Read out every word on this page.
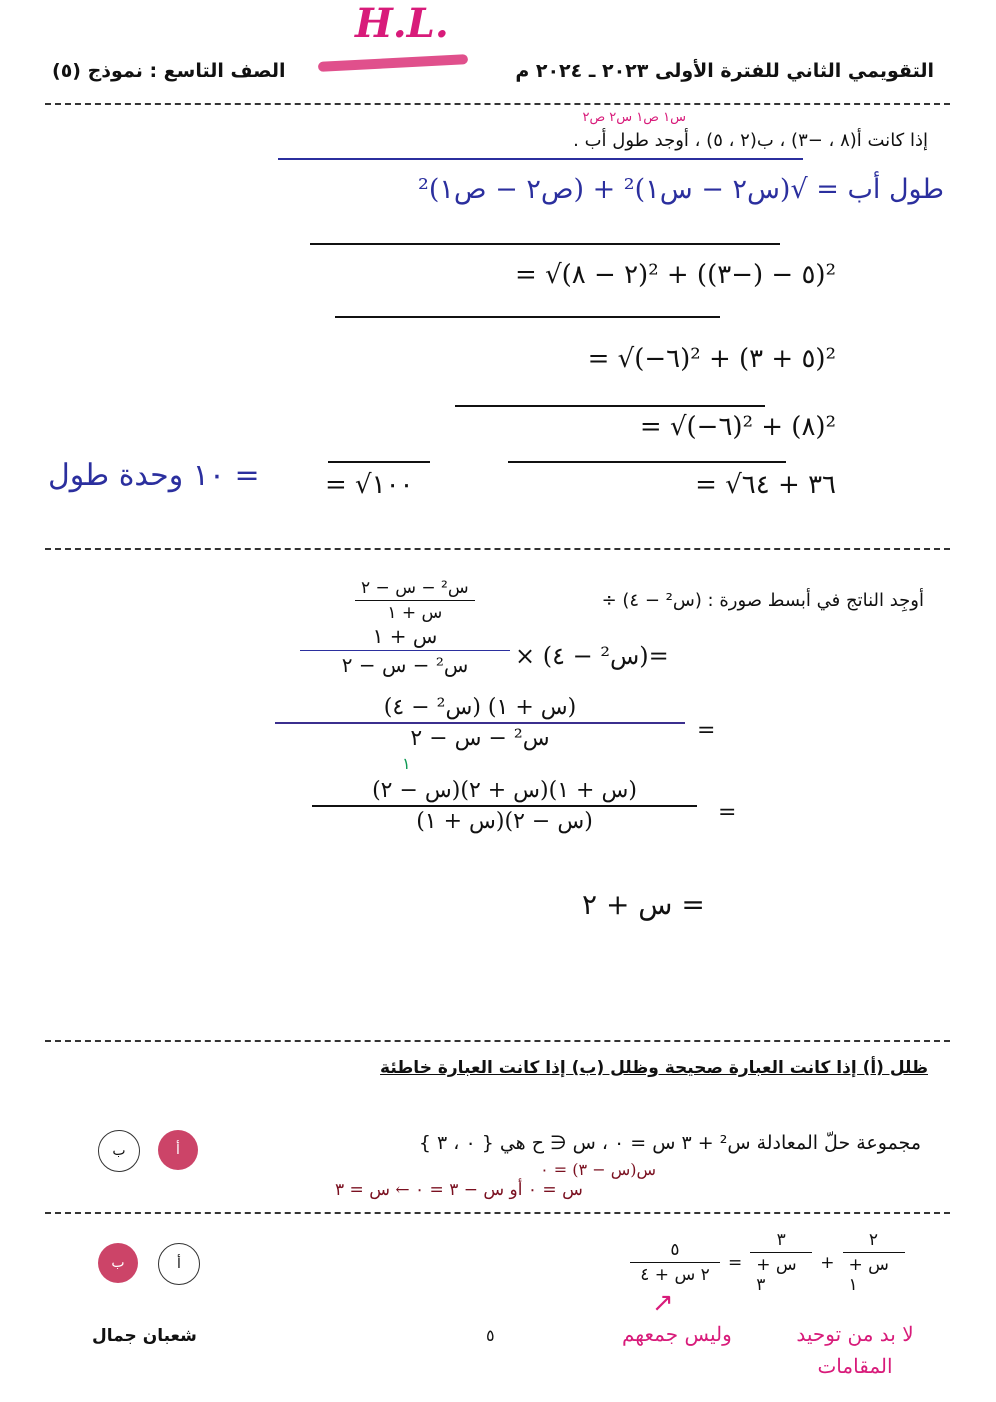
H.L.
التقويمي الثاني للفترة الأولى ٢٠٢٣ ـ ٢٠٢٤ م
الصف التاسع : نموذج (٥)
س١ ص١ س٢ ص٢
إذا كانت أ(٨ ، −٣) ، ب(٢ ، ٥) ، أوجد طول أب .
طول أب = √(س٢ − س١)² + (ص٢ − ص١)²
= √(٢ − ٨)² + (٥ − (−٣))²
= √(−٦)² + (٥ + ٣)²
= √(−٦)² + (٨)²
= √٣٦ + ٦٤
= √١٠٠
= ١٠ وحدة طول
أوجِد الناتج في أبسط صورة : (س² − ٤) ÷
$\frac{\text{س² − س − ٢}}{\text{س + ١}}$
=(س² − ٤) ×
$\frac{\text{س + ١}}{\text{س² − س − ٢}}$
$\frac{\text{(س² − ٤) (س + ١)}}{\text{س² − س − ٢}}$ =
١
$\frac{\text{(س − ٢)(س + ٢)(س + ١)}}{\text{(س + ١)(س − ٢)}}$ =
= س + ٢
ظلل (أ) إذا كانت العبارة صحيحة وظلل (ب) إذا كانت العبارة خاطئة
ب	أ	مجموعة حلّ المعادلة س² + ٣ س = ٠ ، س ∈ ح هي { ٠ ، ٣ }
س(س − ٣) = ٠
س = ٠ أو س − ٣ = ٠ ← س = ٣
ب	أ	$\frac{٥}{\text{٢ س + ٤}} = \frac{٣}{\text{س + ٣}} + \frac{٢}{\text{س + ١}}$
↗
لا بد من توحيد المقامات
وليس جمعهم
شعبان جمال	٥
